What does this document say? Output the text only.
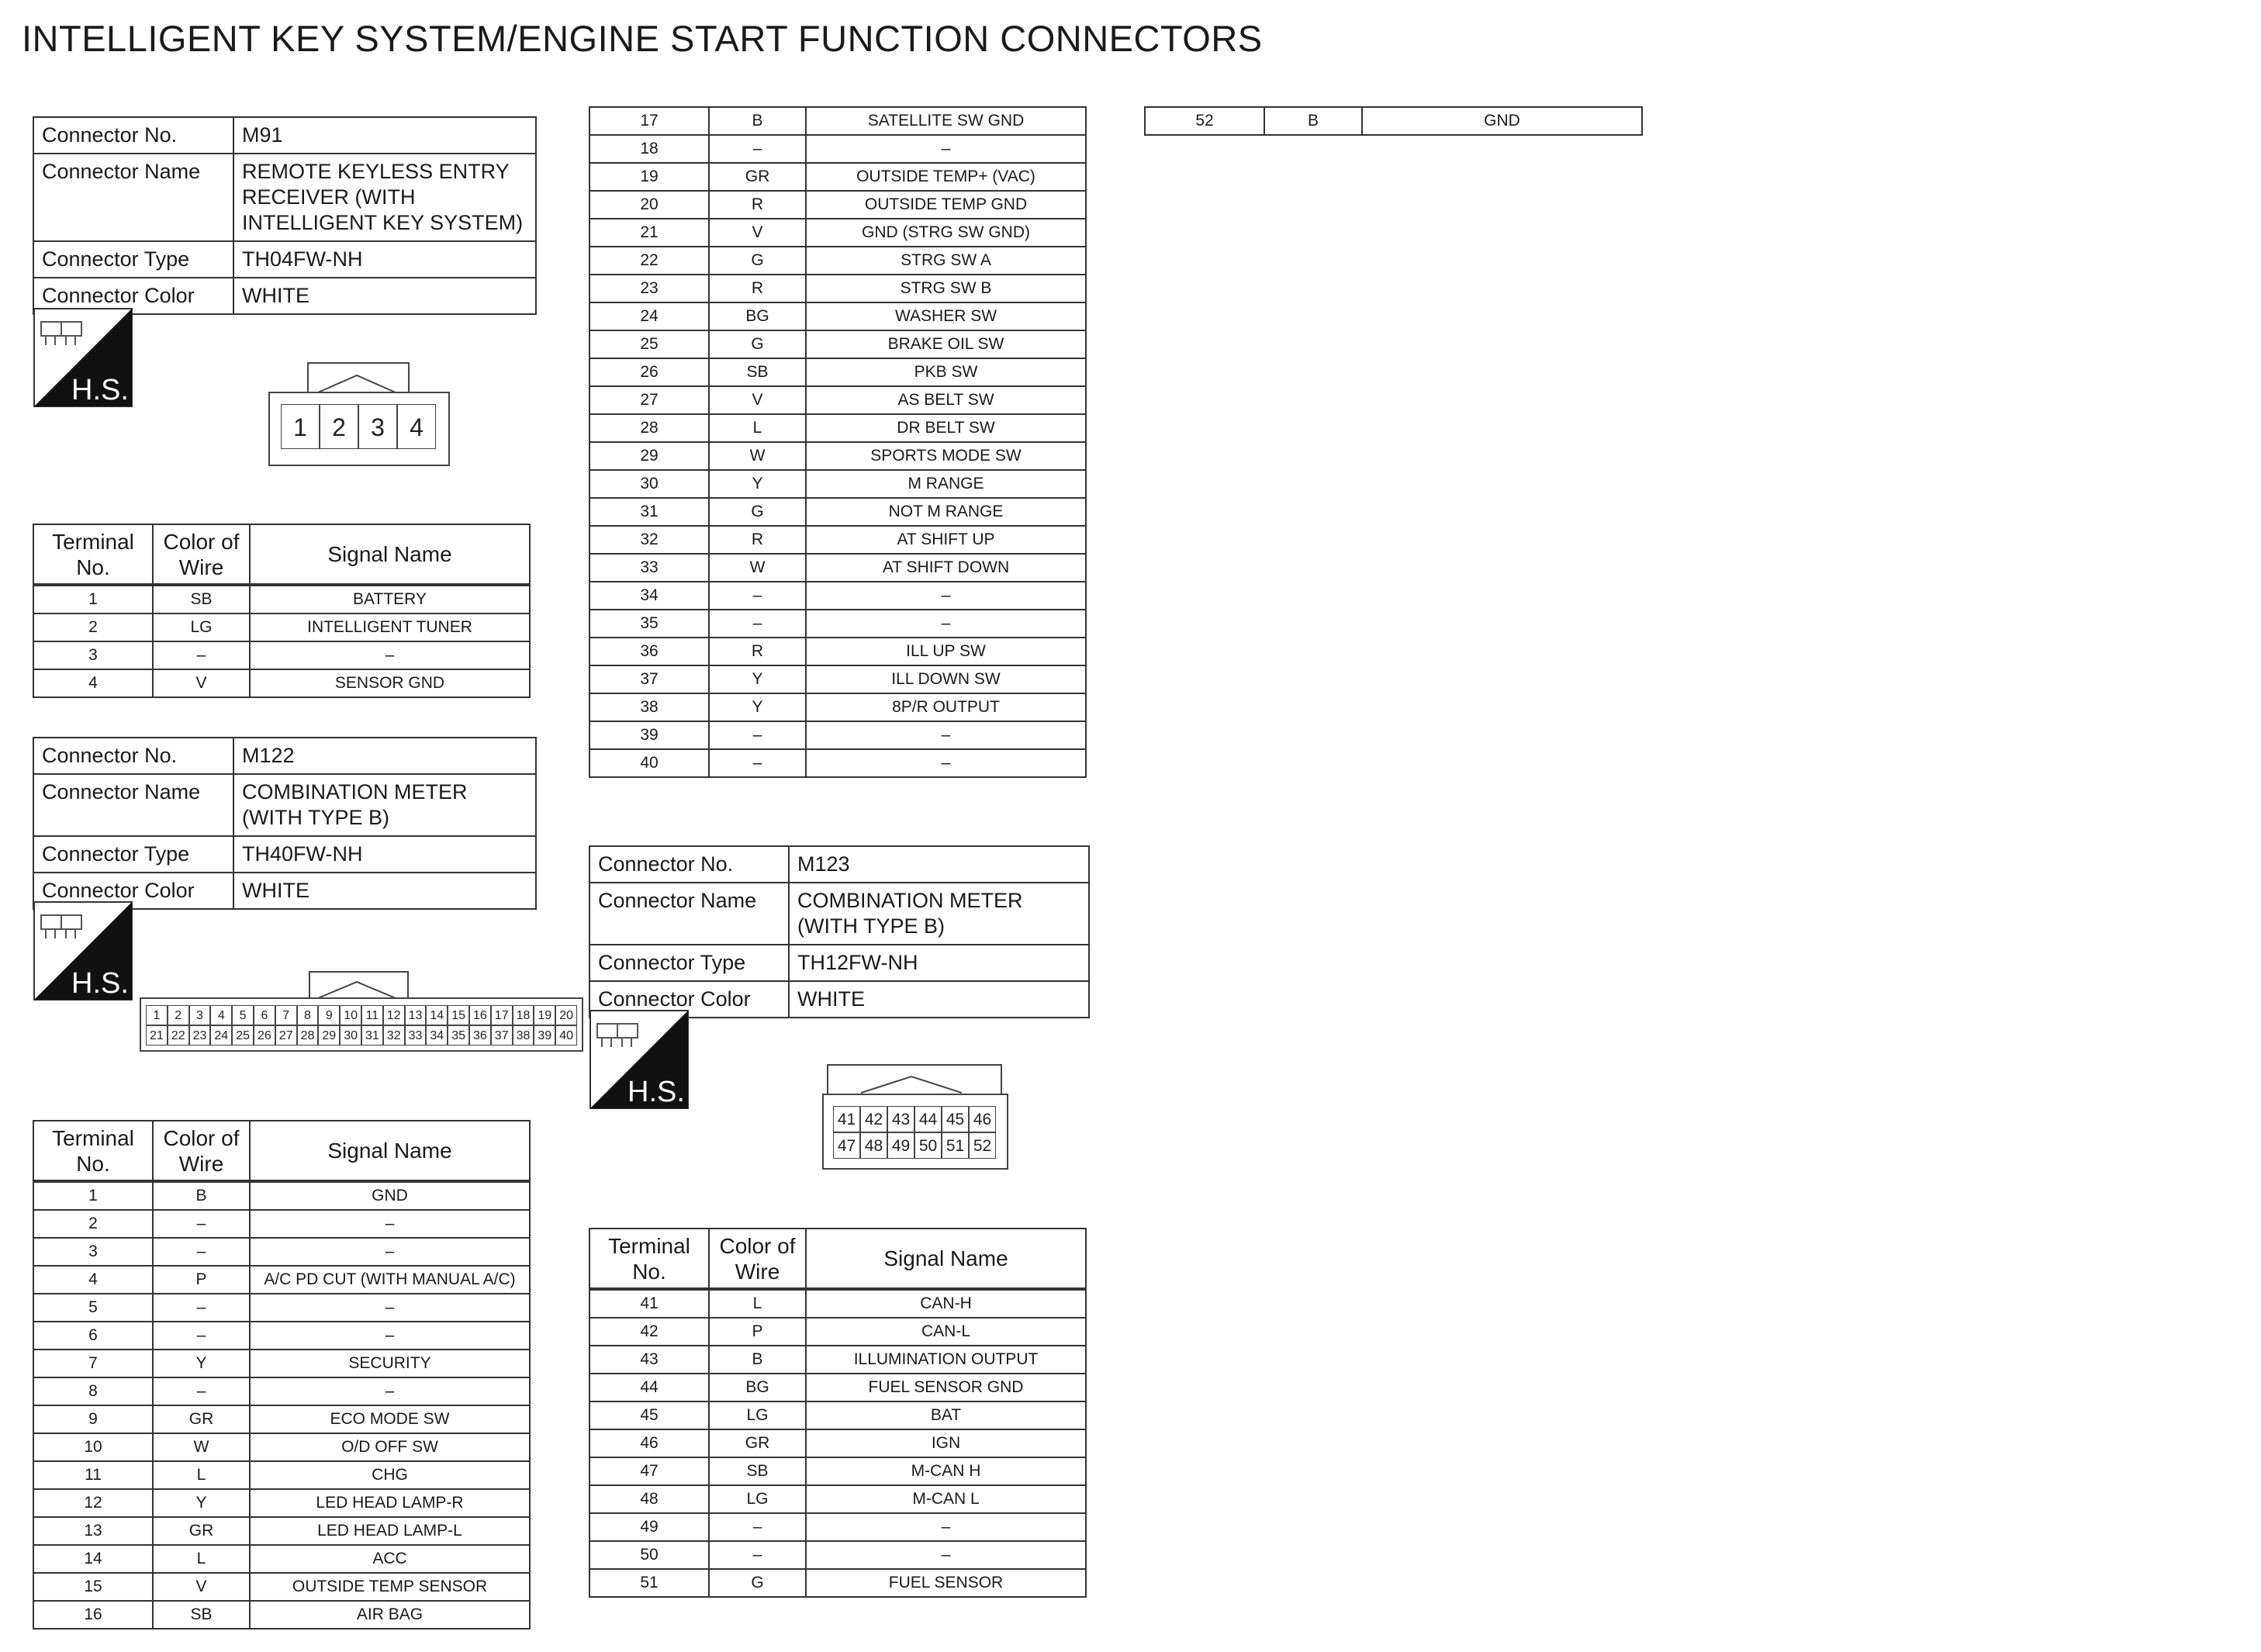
INTELLIGENT KEY SYSTEM/ENGINE START FUNCTION CONNECTORS
Connector No.	M91
Connector Name	REMOTE KEYLESS ENTRY RECEIVER (WITH INTELLIGENT KEY SYSTEM)
Connector Type	TH04FW-NH
Connector Color	WHITE
H.S.
1	2	3	4
Terminal No.	Color of Wire	Signal Name
1	SB	BATTERY
2	LG	INTELLIGENT TUNER
3	–	–
4	V	SENSOR GND
Connector No.	M122
Connector Name	COMBINATION METER (WITH TYPE B)
Connector Type	TH40FW-NH
Connector Color	WHITE
H.S.
1	2	3	4	5	6	7	8	9 10 11 12 13 14 15 16 17 18 19 20
21 22 23 24 25 26 27 28 29 30 31 32 33 34 35 36 37 38 39 40
Terminal No.	Color of Wire	Signal Name
1	B	GND
2	–	–
3	–	–
4	P	A/C PD CUT (WITH MANUAL A/C)
5	–	–
6	–	–
7	Y	SECURITY
8	–	–
9	GR	ECO MODE SW
10	W	O/D OFF SW
11	L	CHG
12	Y	LED HEAD LAMP-R
13	GR	LED HEAD LAMP-L
14	L	ACC
15	V	OUTSIDE TEMP SENSOR
16	SB	AIR BAG
17	B	SATELLITE SW GND
18	–	–
19	GR	OUTSIDE TEMP+ (VAC)
20	R	OUTSIDE TEMP GND
21	V	GND (STRG SW GND)
22	G	STRG SW A
23	R	STRG SW B
24	BG	WASHER SW
25	G	BRAKE OIL SW
26	SB	PKB SW
27	V	AS BELT SW
28	L	DR BELT SW
29	W	SPORTS MODE SW
30	Y	M RANGE
31	G	NOT M RANGE
32	R	AT SHIFT UP
33	W	AT SHIFT DOWN
34	–	–
35	–	–
36	R	ILL UP SW
37	Y	ILL DOWN SW
38	Y	8P/R OUTPUT
39	–	–
40	–	–
Connector No.	M123
Connector Name	COMBINATION METER (WITH TYPE B)
Connector Type	TH12FW-NH
Connector Color	WHITE
H.S.
41 42 43 44 45 46
47 48 49 50 51 52
Terminal No.	Color of Wire	Signal Name
41	L	CAN-H
42	P	CAN-L
43	B	ILLUMINATION OUTPUT
44	BG	FUEL SENSOR GND
45	LG	BAT
46	GR	IGN
47	SB	M-CAN H
48	LG	M-CAN L
49	–	–
50	–	–
51	G	FUEL SENSOR
52	B	GND
